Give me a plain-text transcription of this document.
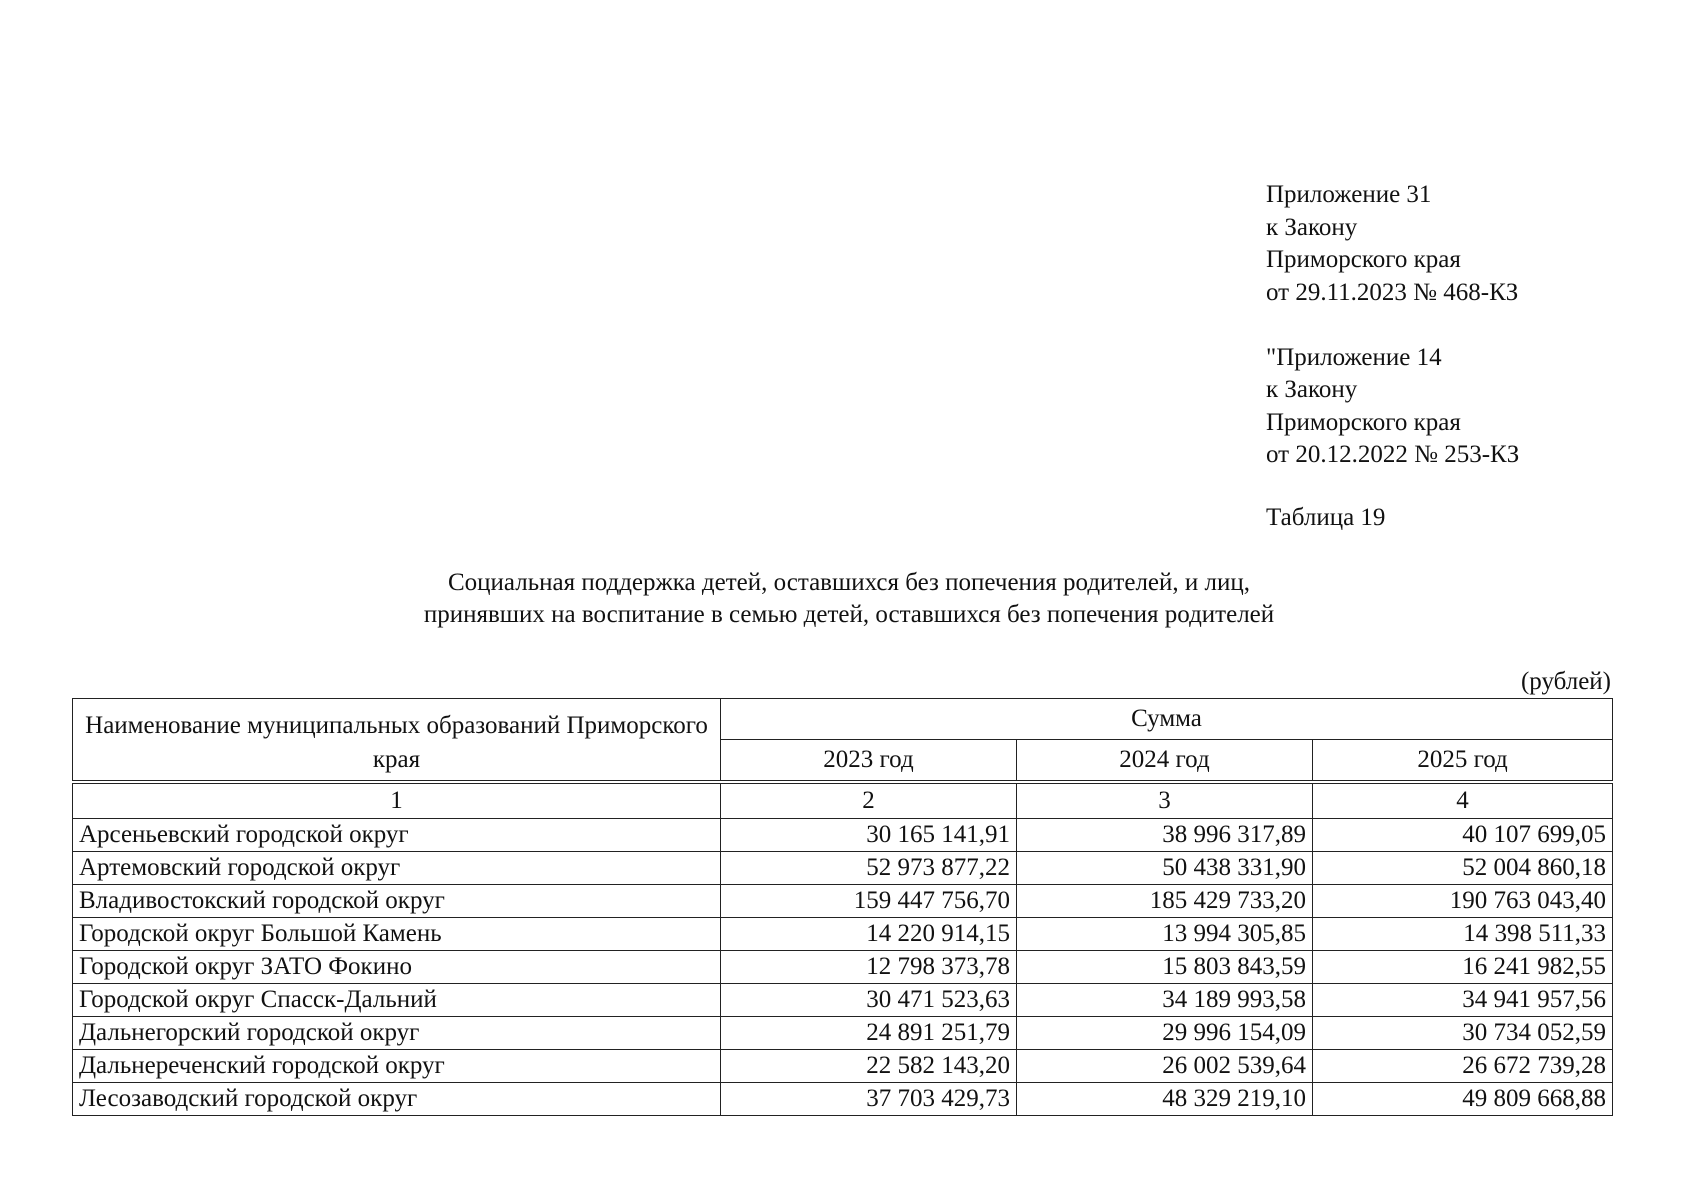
Приложение 31
к Закону
Приморского края
от 29.11.2023 № 468-КЗ
"Приложение 14
к Закону
Приморского края
от 20.12.2022 № 253-КЗ
Таблица 19
Социальная поддержка детей, оставшихся без попечения родителей, и лиц,
принявших на воспитание в семью детей, оставшихся без попечения родителей
(рублей)
Наименование муниципальных образований Приморского края	Сумма		
	2023 год	2024 год	2025 год
1	2	3	4
Арсеньевский городской округ	30 165 141,91	38 996 317,89	40 107 699,05
Артемовский городской округ	52 973 877,22	50 438 331,90	52 004 860,18
Владивостокский городской округ	159 447 756,70	185 429 733,20	190 763 043,40
Городской округ Большой Камень	14 220 914,15	13 994 305,85	14 398 511,33
Городской округ ЗАТО Фокино	12 798 373,78	15 803 843,59	16 241 982,55
Городской округ Спасск-Дальний	30 471 523,63	34 189 993,58	34 941 957,56
Дальнегорский городской округ	24 891 251,79	29 996 154,09	30 734 052,59
Дальнереченский городской округ	22 582 143,20	26 002 539,64	26 672 739,28
Лесозаводский городской округ	37 703 429,73	48 329 219,10	49 809 668,88
